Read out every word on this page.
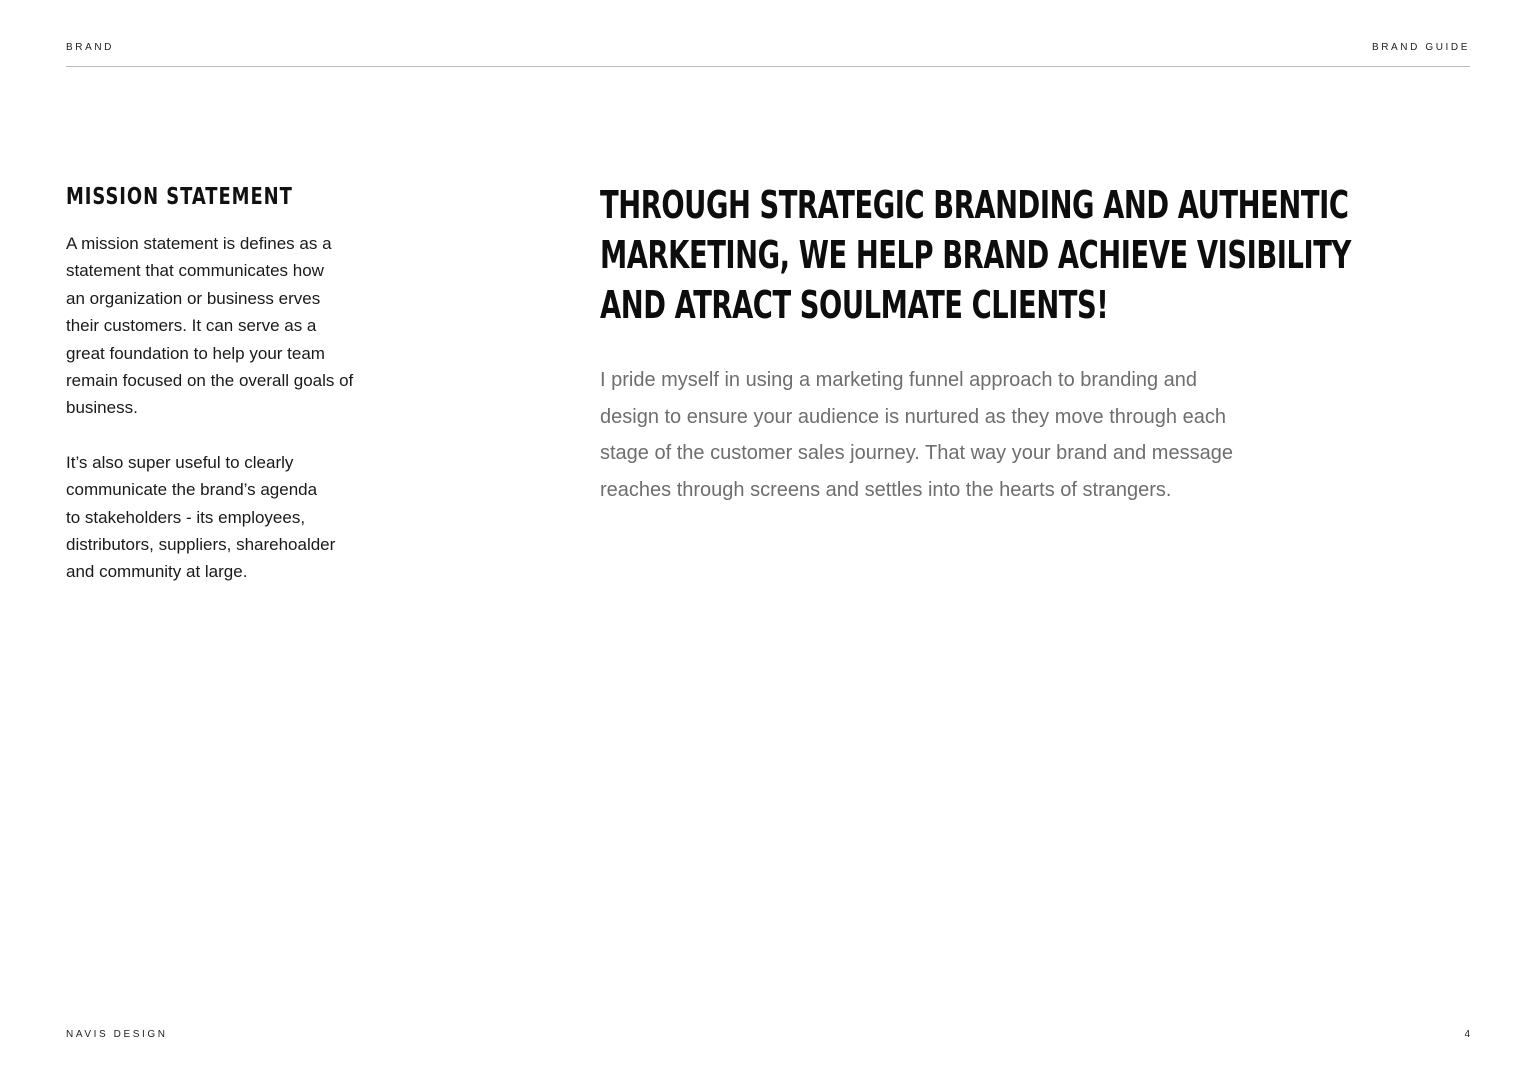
BRAND	BRAND GUIDE
MISSION STATEMENT

A mission statement is defines as a
statement that communicates how
an organization or business erves
their customers. It can serve as a
great foundation to help your team
remain focused on the overall goals of
business.

It’s also super useful to clearly
communicate the brand’s agenda
to stakeholders - its employees,
distributors, suppliers, sharehoalder
and community at large.

THROUGH STRATEGIC BRANDING AND AUTHENTIC
MARKETING, WE HELP BRAND ACHIEVE VISIBILITY
AND ATRACT SOULMATE CLIENTS!

I pride myself in using a marketing funnel approach to branding and
design to ensure your audience is nurtured as they move through each
stage of the customer sales journey. That way your brand and message
reaches through screens and settles into the hearts of strangers.

NAVIS DESIGN	4
